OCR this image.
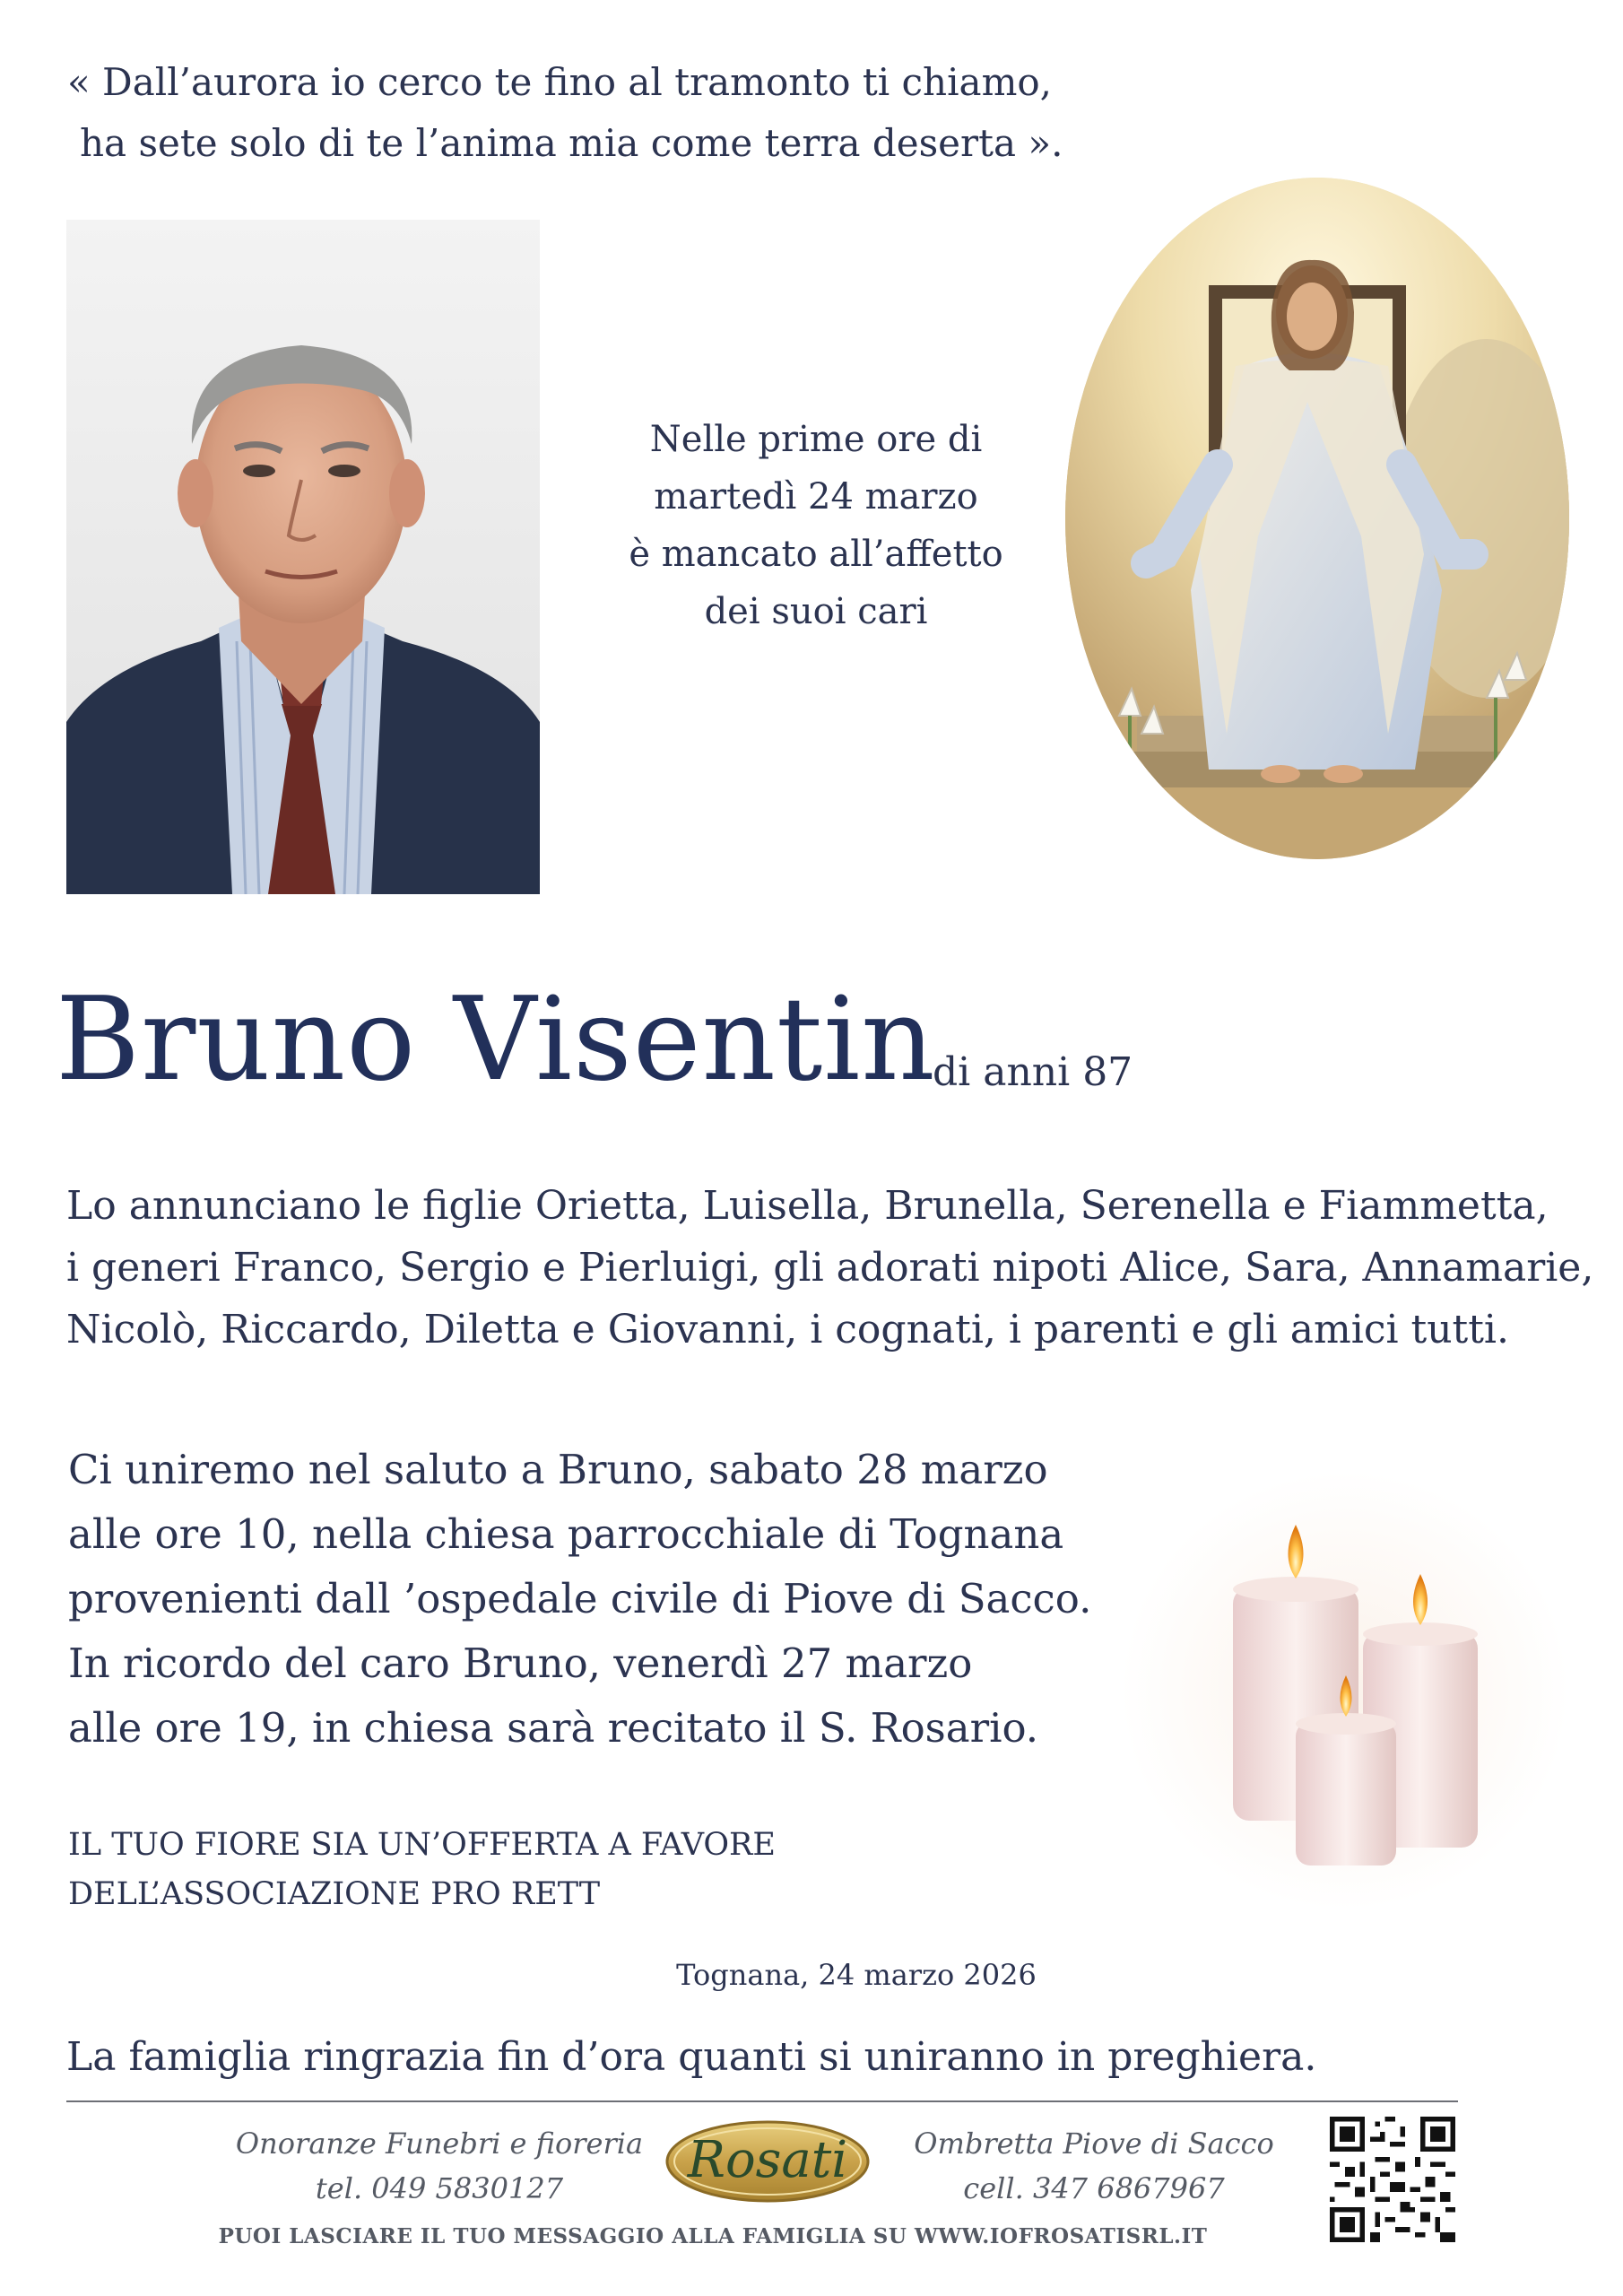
« Dall’aurora io cerco te fino al tramonto ti chiamo,
ha sete solo di te l’anima mia come terra deserta ».
Nelle prime ore di
martedì 24 marzo
è mancato all’affetto
dei suoi cari
Bruno Visentin
di anni 87
Lo annunciano le figlie Orietta, Luisella, Brunella, Serenella e Fiammetta,
i generi Franco, Sergio e Pierluigi, gli adorati nipoti Alice, Sara, Annamarie,
Nicolò, Riccardo, Diletta e Giovanni, i cognati, i parenti e gli amici tutti.
Ci uniremo nel saluto a Bruno, sabato 28 marzo
alle ore 10, nella chiesa parrocchiale di Tognana
provenienti dall ’ospedale civile di Piove di Sacco.
In ricordo del caro Bruno, venerdì 27 marzo
alle ore 19, in chiesa sarà recitato il S. Rosario.
IL TUO FIORE SIA UN’OFFERTA A FAVORE
DELL’ASSOCIAZIONE PRO RETT
Tognana, 24 marzo 2026
La famiglia ringrazia fin d’ora quanti si uniranno in preghiera.
Onoranze Funebri e fioreria
tel. 049 5830127	Rosati	Ombretta Piove di Sacco
cell. 347 6867967
PUOI LASCIARE IL TUO MESSAGGIO ALLA FAMIGLIA SU WWW.IOFROSATISRL.IT
